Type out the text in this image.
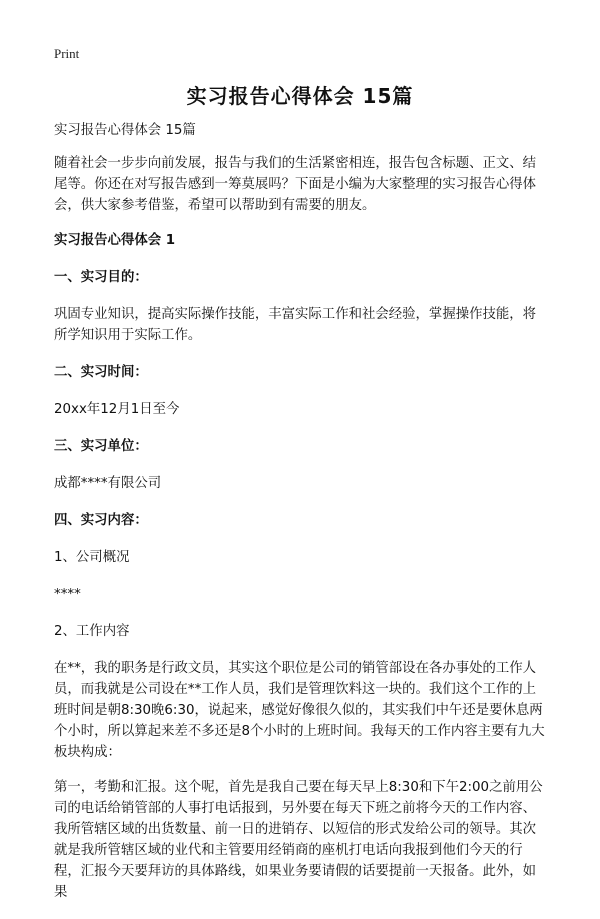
Print
实习报告心得体会 15篇

实习报告心得体会 15篇

随着社会一步步向前发展，报告与我们的生活紧密相连，报告包含标题、正文、结尾等。你还在对写报告感到一筹莫展吗？下面是小编为大家整理的实习报告心得体会，供大家参考借鉴，希望可以帮助到有需要的朋友。

实习报告心得体会 1

一、实习目的：

巩固专业知识，提高实际操作技能，丰富实际工作和社会经验，掌握操作技能，将所学知识用于实际工作。

二、实习时间：

20xx年12月1日至今

三、实习单位：

成都****有限公司

四、实习内容：

1、公司概况

****

2、工作内容

在**，我的职务是行政文员，其实这个职位是公司的销管部设在各办事处的工作人员，而我就是公司设在**工作人员，我们是管理饮料这一块的。我们这个工作的上班时间是朝8:30晚6:30，说起来，感觉好像很久似的，其实我们中午还是要休息两个小时，所以算起来差不多还是8个小时的上班时间。我每天的工作内容主要有九大板块构成：

第一，考勤和汇报。这个呢，首先是我自己要在每天早上8:30和下午2:00之前用公司的电话给销管部的人事打电话报到，另外要在每天下班之前将今天的工作内容、我所管辖区域的出货数量、前一日的进销存、以短信的形式发给公司的领导。其次就是我所管辖区域的业代和主管要用经销商的座机打电话向我报到他们今天的行程，汇报今天要拜访的具体路线，如果业务要请假的话要提前一天报备。此外，如果
